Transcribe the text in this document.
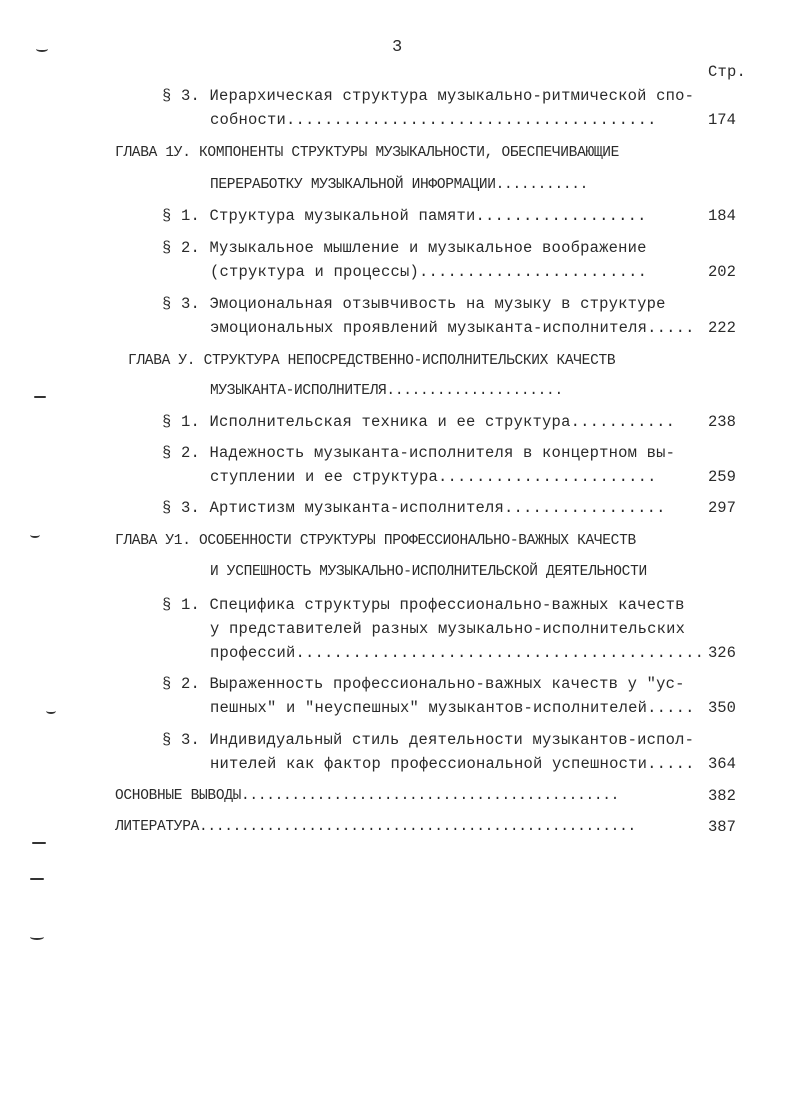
3
Стр.
§ 3. Иерархическая структура музыкально-ритмической спо-
собности.......................................	174
ГЛАВА 1У. КОМПОНЕНТЫ СТРУКТУРЫ МУЗЫКАЛЬНОСТИ, ОБЕСПЕЧИВАЮЩИЕ
ПЕРЕРАБОТКУ МУЗЫКАЛЬНОЙ ИНФОРМАЦИИ...........
§ 1. Структура музыкальной памяти..................	184
§ 2. Музыкальное мышление и музыкальное воображение
(структура и процессы)........................	202
§ 3. Эмоциональная отзывчивость на музыку в структуре
эмоциональных проявлений музыканта-исполнителя..... 222
ГЛАВА У. СТРУКТУРА НЕПОСРЕДСТВЕННО-ИСПОЛНИТЕЛЬСКИХ КАЧЕСТВ
МУЗЫКАНТА-ИСПОЛНИТЕЛЯ.....................
§ 1. Исполнительская техника и ее структура........... 238
§ 2. Надежность музыканта-исполнителя в концертном вы-
ступлении и ее структура.......................	259
§ 3. Артистизм музыканта-исполнителя.................	297
ГЛАВА У1. ОСОБЕННОСТИ СТРУКТУРЫ ПРОФЕССИОНАЛЬНО-ВАЖНЫХ КАЧЕСТВ
И УСПЕШНОСТЬ МУЗЫКАЛЬНО-ИСПОЛНИТЕЛЬСКОЙ ДЕЯТЕЛЬНОСТИ
§ 1. Специфика структуры профессионально-важных качеств
у представителей разных музыкально-исполнительских
профессий........................................... 326
§ 2. Выраженность профессионально-важных качеств у "ус-
пешных" и "неуспешных" музыкантов-исполнителей..... 350
§ 3. Индивидуальный стиль деятельности музыкантов-испол-
нителей как фактор профессиональной успешности..... 364
ОСНОВНЫЕ ВЫВОДЫ.............................................	382
ЛИТЕРАТУРА....................................................	387
